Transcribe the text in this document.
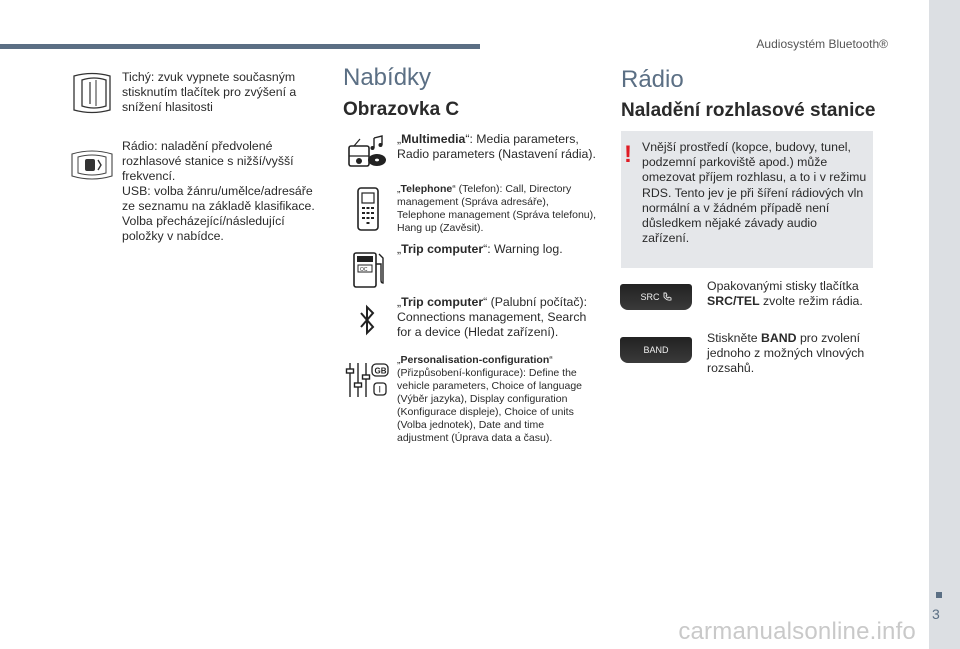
Audiosystém Bluetooth®
3
carmanualsonline.info
Tichý: zvuk vypnete současným stisknutím tlačítek pro zvýšení a snížení hlasitosti
Rádio: naladění předvolené rozhlasové stanice s nižší/vyšší frekvencí.
USB: volba žánru/umělce/adresáře ze seznamu na základě klasifikace.
Volba přecházející/následující položky v nabídce.
Nabídky
Obrazovka C
„Multimedia“: Media parameters, Radio parameters (Nastavení rádia).
„Telephone“ (Telefon): Call, Directory management (Správa adresáře), Telephone management (Správa telefonu), Hang up (Zavěsit).
OC
„Trip computer“: Warning log.
„Trip computer“ (Palubní počítač): Connections management, Search for a device (Hledat zařízení).
GB
I
„Personalisation-configuration“ (Přizpůsobení-konfigurace): Define the vehicle parameters, Choice of language (Výběr jazyka), Display configuration (Konfigurace displeje), Choice of units (Volba jednotek), Date and time adjustment (Úprava data a času).
Rádio
Naladění rozhlasové stanice
! Vnější prostředí (kopce, budovy, tunel, podzemní parkoviště apod.) může omezovat příjem rozhlasu, a to i v režimu RDS. Tento jev je při šíření rádiových vln normální a v žádném případě není důsledkem nějaké závady audio zařízení.
SRC
Opakovanými stisky tlačítka SRC/TEL zvolte režim rádia.
BAND
Stiskněte BAND pro zvolení jednoho z možných vlnových rozsahů.
